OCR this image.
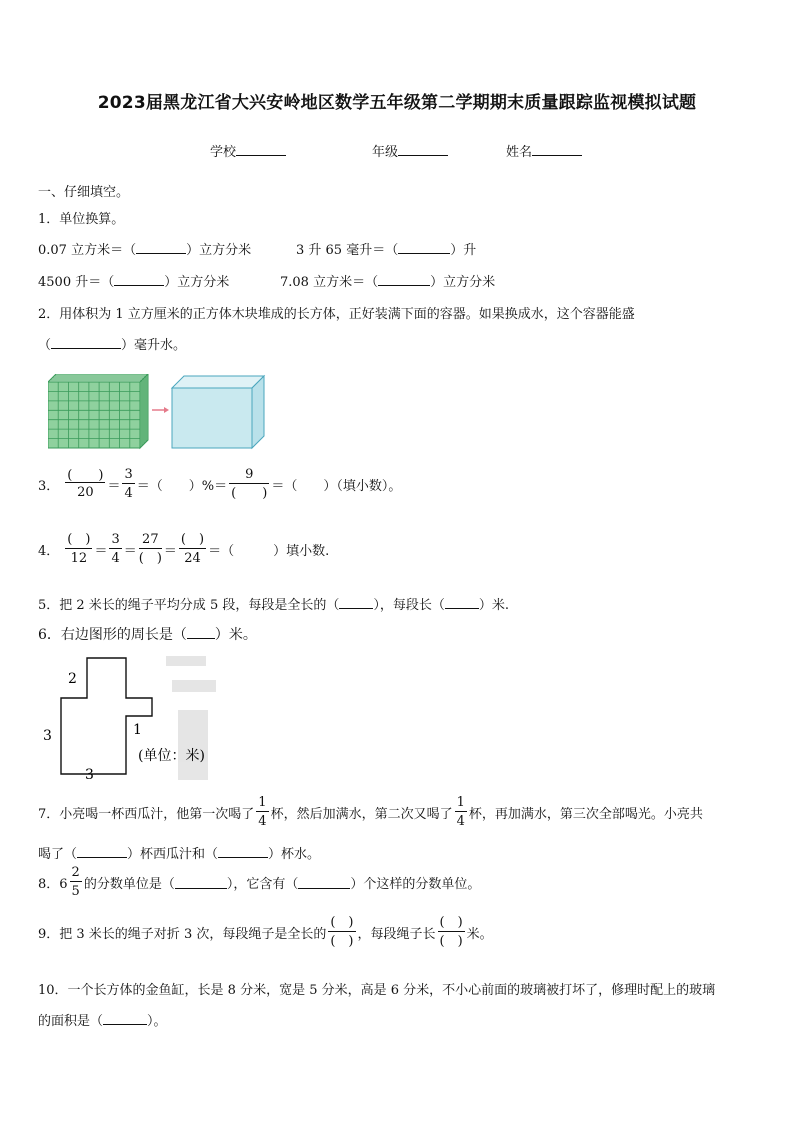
2023届黑龙江省大兴安岭地区数学五年级第二学期期末质量跟踪监视模拟试题
学校	年级	姓名
一、仔细填空。
1．单位换算。
0.07 立方米＝（	）立方分米	3 升 65 毫升＝（	）升
4500 升＝（	）立方分米	7.08 立方米＝（	）立方分米
2．用体积为 1 立方厘米的正方体木块堆成的长方体，正好装满下面的容器。如果换成水，这个容器能盛
（	）毫升水。
3． $\frac{( )}{20} = \frac{3}{4}$ ＝（　　）%＝ $\frac{9}{( )}$ ＝（　　）（填小数）。
4． $\frac{( )}{12} = \frac{3}{4} = \frac{27}{( )} = \frac{( )}{24}$ ＝（　　　）填小数.
5．把 2 米长的绳子平均分成 5 段，每段是全长的（	），每段长（	）米.
6．右边图形的周长是（ ）米。
2
3
3
1
(单位：米)
7．小亮喝一杯西瓜汁，他第一次喝了 $\frac{1}{4}$ 杯，然后加满水，第二次又喝了 $\frac{1}{4}$ 杯，再加满水，第三次全部喝光。小亮共
喝了（	）杯西瓜汁和（	）杯水。
8．$6 \frac{2}{5}$ 的分数单位是（	），它含有（	）个这样的分数单位。
9．把 3 米长的绳子对折 3 次，每段绳子是全长的 $\frac{( )}{( )}$ ，每段绳子长 $\frac{( )}{( )}$ 米。
10．一个长方体的金鱼缸，长是 8 分米，宽是 5 分米，高是 6 分米，不小心前面的玻璃被打坏了，修理时配上的玻璃
的面积是（	）。
